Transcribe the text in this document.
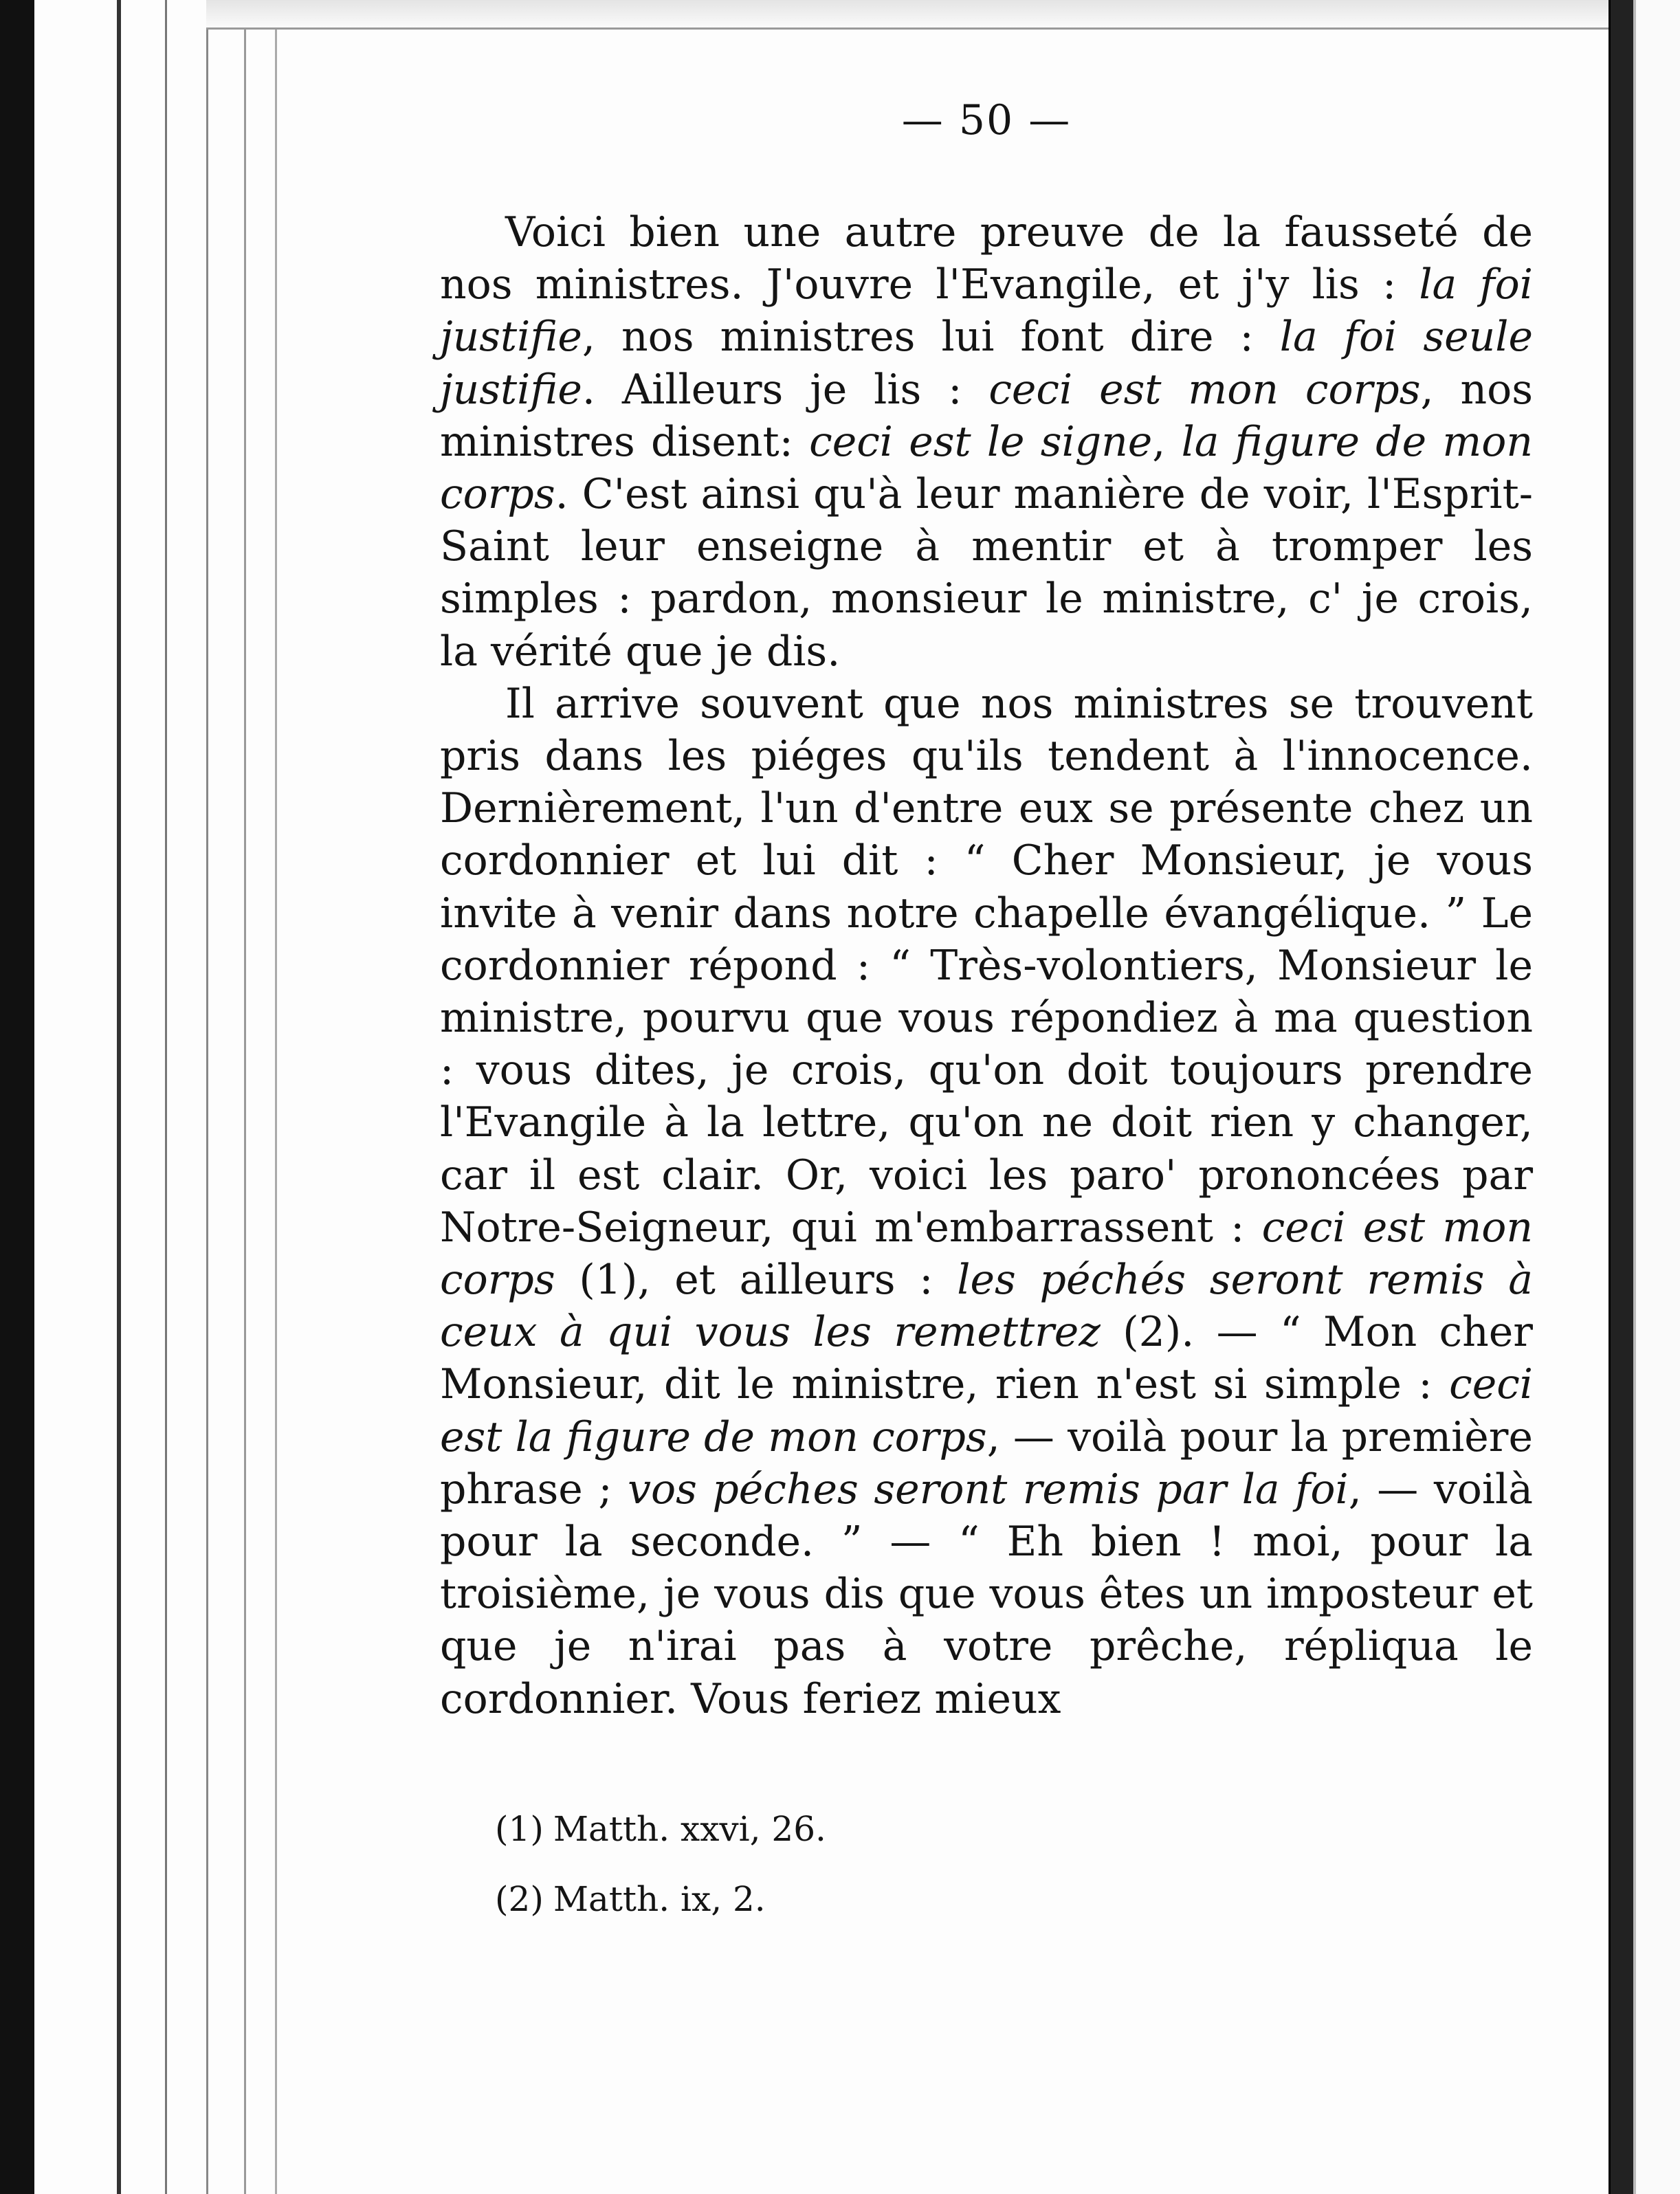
— 50 —

Voici bien une autre preuve de la fausseté de nos ministres. J'ouvre l'Evangile, et j'y lis : la foi justifie, nos ministres lui font dire : la foi seule justifie. Ailleurs je lis : ceci est mon corps, nos ministres disent: ceci est le signe, la figure de mon corps. C'est ainsi qu'à leur manière de voir, l'Esprit-Saint leur enseigne à mentir et à tromper les simples : pardon, monsieur le ministre, c' je crois, la vérité que je dis.

Il arrive souvent que nos ministres se trouvent pris dans les piéges qu'ils tendent à l'innocence. Dernièrement, l'un d'entre eux se présente chez un cordonnier et lui dit : “ Cher Monsieur, je vous invite à venir dans notre chapelle évangélique. ” Le cordonnier répond : “ Très-volontiers, Monsieur le ministre, pourvu que vous répondiez à ma question : vous dites, je crois, qu'on doit toujours prendre l'Evangile à la lettre, qu'on ne doit rien y changer, car il est clair. Or, voici les paro' prononcées par Notre-Seigneur, qui m'embarrassent : ceci est mon corps (1), et ailleurs : les péchés seront remis à ceux à qui vous les remettrez (2). — “ Mon cher Monsieur, dit le ministre, rien n'est si simple : ceci est la figure de mon corps, — voilà pour la première phrase ; vos péches seront remis par la foi, — voilà pour la seconde. ” — “ Eh bien ! moi, pour la troisième, je vous dis que vous êtes un imposteur et que je n'irai pas à votre prêche, répliqua le cordonnier. Vous feriez mieux

(1) Matth. xxvi, 26.

(2) Matth. ix, 2.
